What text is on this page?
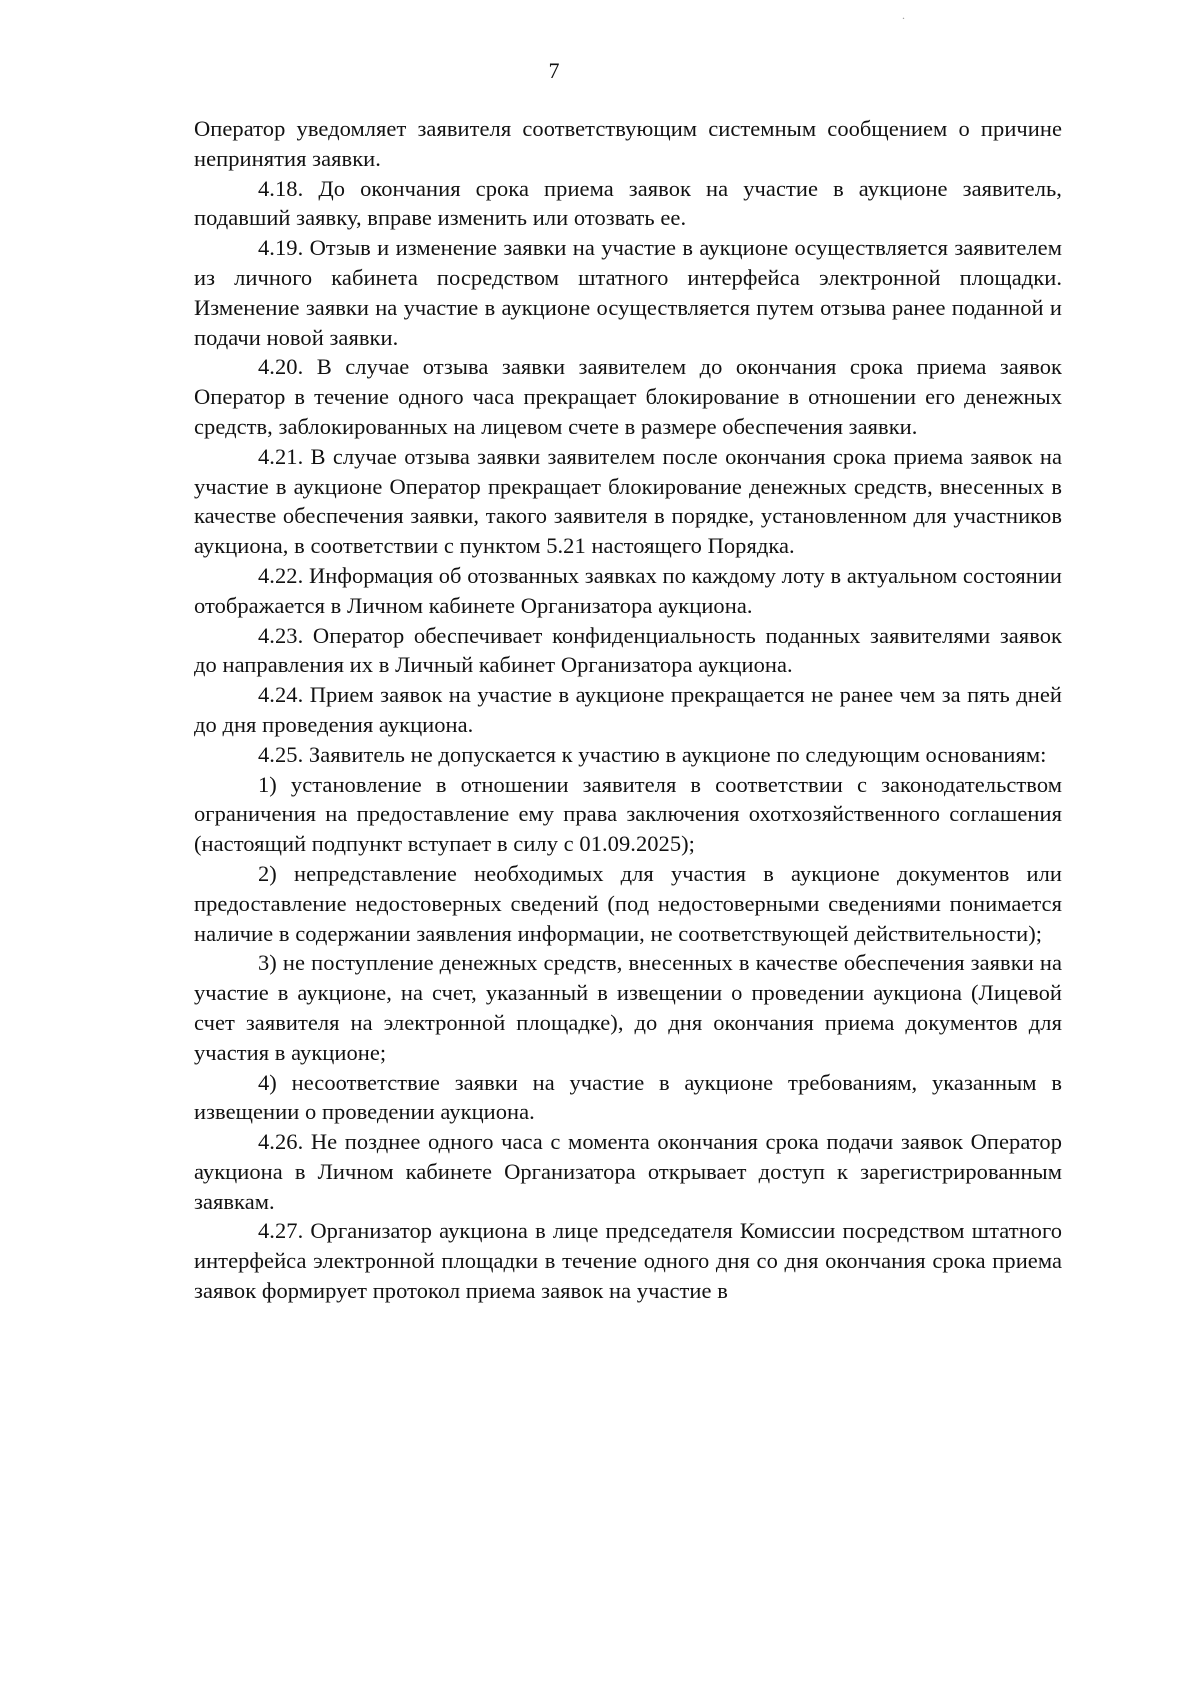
.
7

Оператор уведомляет заявителя соответствующим системным сообщением о причине непринятия заявки.

4.18. До окончания срока приема заявок на участие в аукционе заявитель, подавший заявку, вправе изменить или отозвать ее.

4.19. Отзыв и изменение заявки на участие в аукционе осуществляется заявителем из личного кабинета посредством штатного интерфейса электронной площадки. Изменение заявки на участие в аукционе осуществляется путем отзыва ранее поданной и подачи новой заявки.

4.20. В случае отзыва заявки заявителем до окончания срока приема заявок Оператор в течение одного часа прекращает блокирование в отношении его денежных средств, заблокированных на лицевом счете в размере обеспечения заявки.

4.21. В случае отзыва заявки заявителем после окончания срока приема заявок на участие в аукционе Оператор прекращает блокирование денежных средств, внесенных в качестве обеспечения заявки, такого заявителя в порядке, установленном для участников аукциона, в соответствии с пунктом 5.21 настоящего Порядка.

4.22. Информация об отозванных заявках по каждому лоту в актуальном состоянии отображается в Личном кабинете Организатора аукциона.

4.23. Оператор обеспечивает конфиденциальность поданных заявителями заявок до направления их в Личный кабинет Организатора аукциона.

4.24. Прием заявок на участие в аукционе прекращается не ранее чем за пять дней до дня проведения аукциона.

4.25. Заявитель не допускается к участию в аукционе по следующим основаниям:

1) установление в отношении заявителя в соответствии с законодательством ограничения на предоставление ему права заключения охотхозяйственного соглашения (настоящий подпункт вступает в силу с 01.09.2025);

2) непредставление необходимых для участия в аукционе документов или предоставление недостоверных сведений (под недостоверными сведениями понимается наличие в содержании заявления информации, не соответствующей действительности);

3) не поступление денежных средств, внесенных в качестве обеспечения заявки на участие в аукционе, на счет, указанный в извещении о проведении аукциона (Лицевой счет заявителя на электронной площадке), до дня окончания приема документов для участия в аукционе;

4) несоответствие заявки на участие в аукционе требованиям, указанным в извещении о проведении аукциона.

4.26. Не позднее одного часа с момента окончания срока подачи заявок Оператор аукциона в Личном кабинете Организатора открывает доступ к зарегистрированным заявкам.

4.27. Организатор аукциона в лице председателя Комиссии посредством штатного интерфейса электронной площадки в течение одного дня со дня окончания срока приема заявок формирует протокол приема заявок на участие в
